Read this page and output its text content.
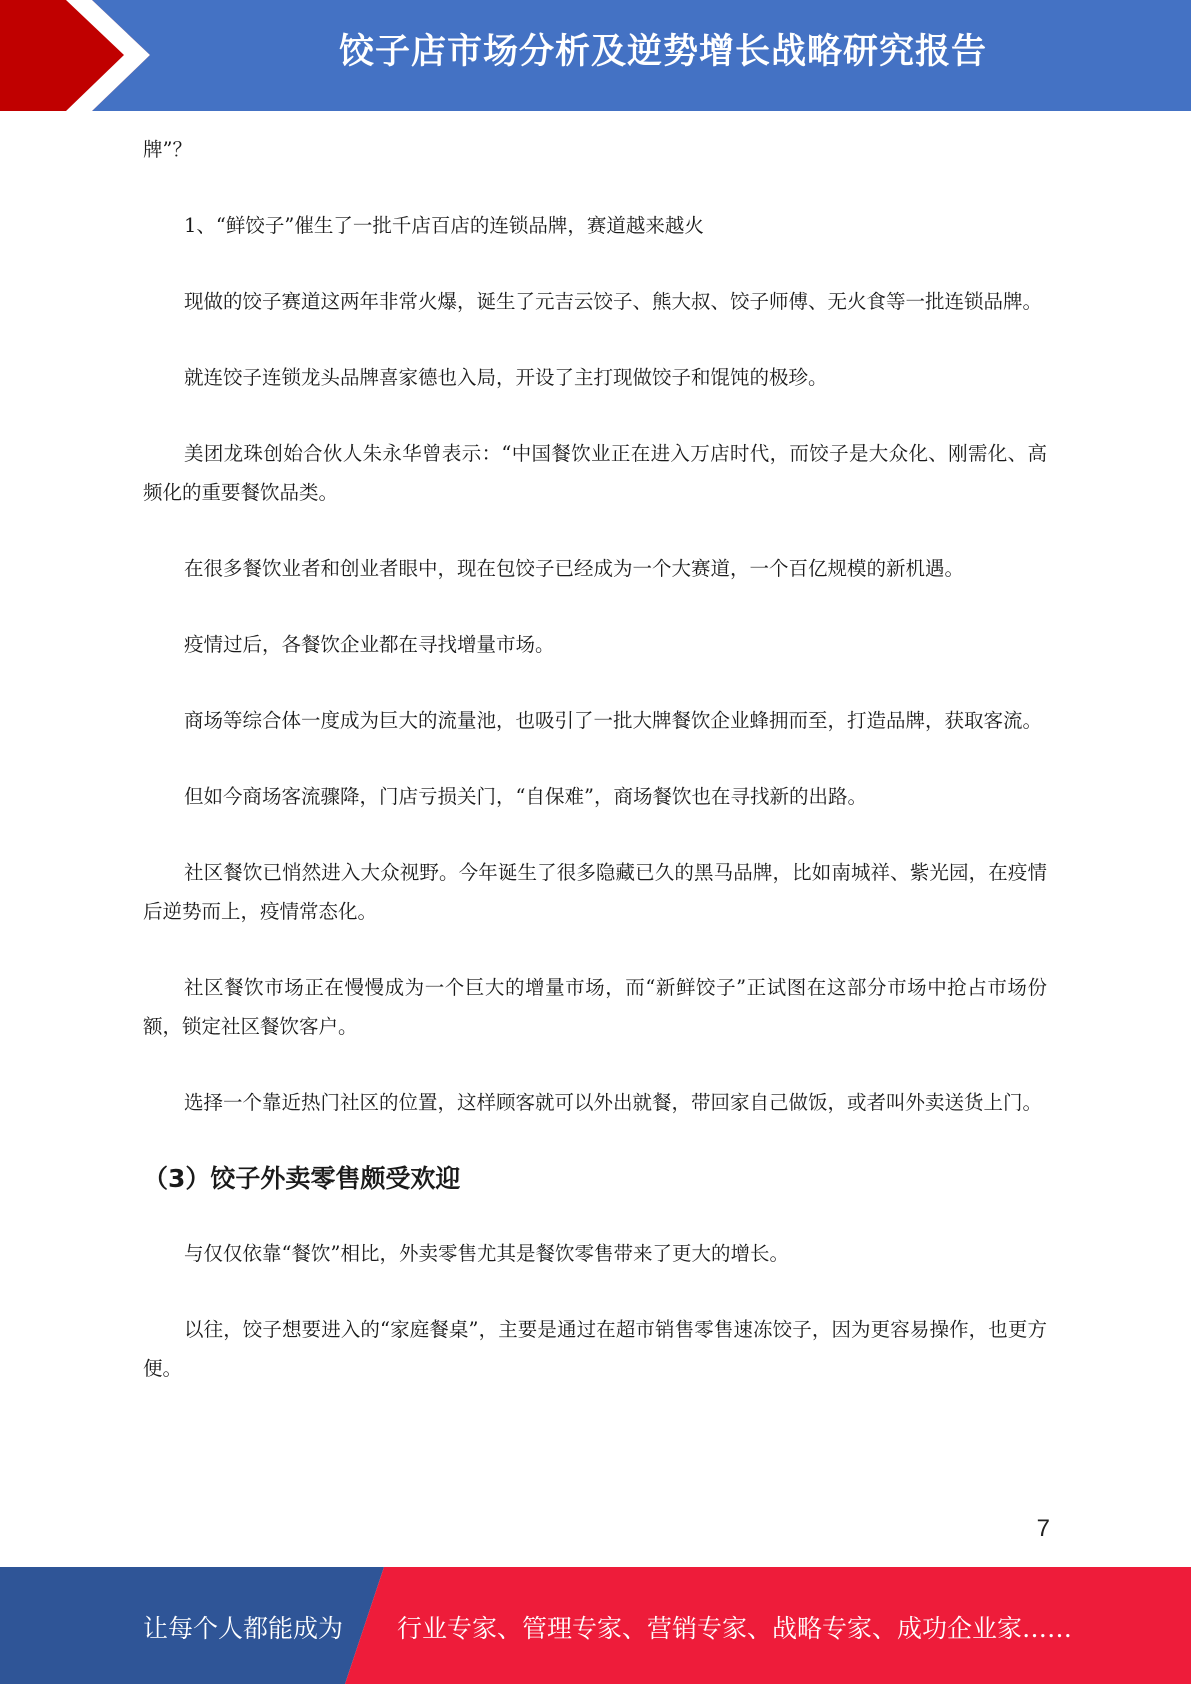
饺子店市场分析及逆势增长战略研究报告

牌”？

1、“鲜饺子”催生了一批千店百店的连锁品牌，赛道越来越火

现做的饺子赛道这两年非常火爆，诞生了元吉云饺子、熊大叔、饺子师傅、无火食等一批连锁品牌。

就连饺子连锁龙头品牌喜家德也入局，开设了主打现做饺子和馄饨的极珍。

美团龙珠创始合伙人朱永华曾表示：“中国餐饮业正在进入万店时代，而饺子是大众化、刚需化、高频化的重要餐饮品类。

在很多餐饮业者和创业者眼中，现在包饺子已经成为一个大赛道，一个百亿规模的新机遇。

疫情过后，各餐饮企业都在寻找增量市场。

商场等综合体一度成为巨大的流量池，也吸引了一批大牌餐饮企业蜂拥而至，打造品牌，获取客流。

但如今商场客流骤降，门店亏损关门，“自保难”，商场餐饮也在寻找新的出路。

社区餐饮已悄然进入大众视野。今年诞生了很多隐藏已久的黑马品牌，比如南城祥、紫光园，在疫情后逆势而上，疫情常态化。

社区餐饮市场正在慢慢成为一个巨大的增量市场，而“新鲜饺子”正试图在这部分市场中抢占市场份额，锁定社区餐饮客户。

选择一个靠近热门社区的位置，这样顾客就可以外出就餐，带回家自己做饭，或者叫外卖送货上门。

（3）饺子外卖零售颇受欢迎

与仅仅依靠“餐饮”相比，外卖零售尤其是餐饮零售带来了更大的增长。

以往，饺子想要进入的“家庭餐桌”，主要是通过在超市销售零售速冻饺子，因为更容易操作，也更方便。

7
让每个人都能成为 行业专家、管理专家、营销专家、战略专家、成功企业家……
